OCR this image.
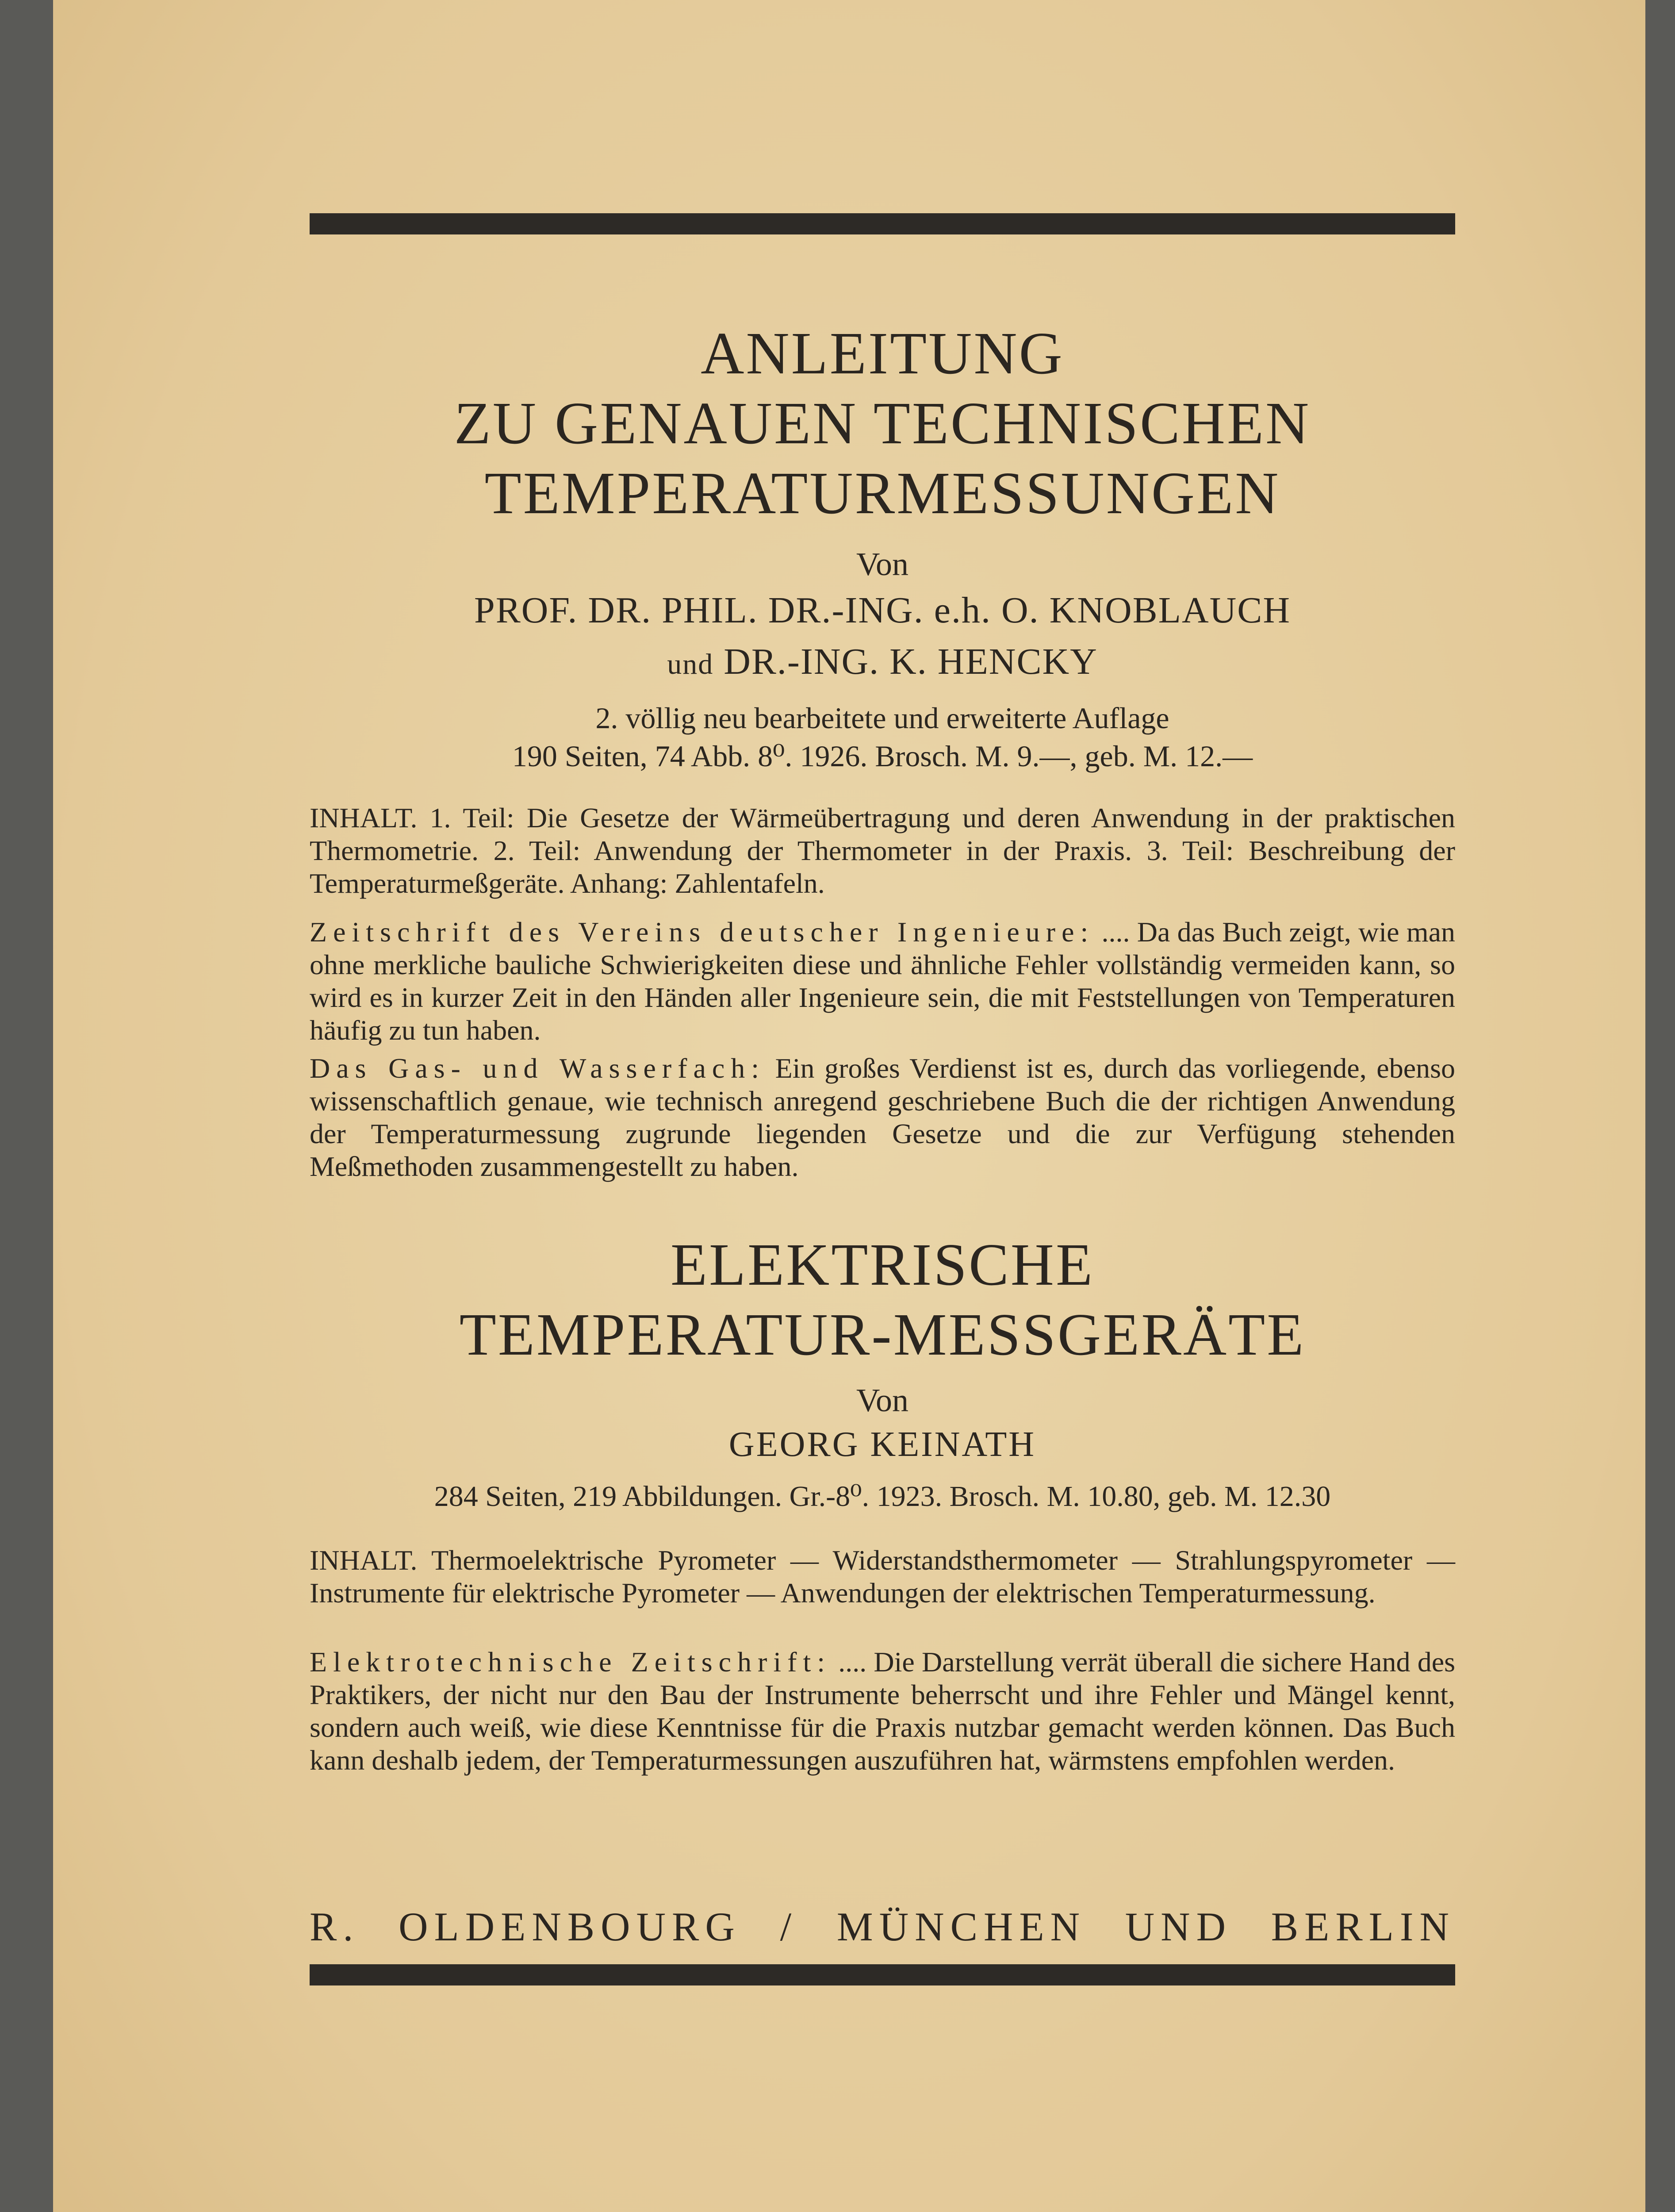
ANLEITUNG
ZU GENAUEN TECHNISCHEN
TEMPERATURMESSUNGEN
Von
PROF. DR. PHIL. DR.-ING. e.h. O. KNOBLAUCH
und DR.-ING. K. HENCKY
2. völlig neu bearbeitete und erweiterte Auflage
190 Seiten, 74 Abb. 8⁰. 1926. Brosch. M. 9.—, geb. M. 12.—
INHALT. 1. Teil: Die Gesetze der Wärmeübertragung und deren Anwendung in der praktischen Thermometrie. 2. Teil: Anwendung der Thermometer in der Praxis. 3. Teil: Beschreibung der Temperaturmeßgeräte. Anhang: Zahlentafeln.
Zeitschrift des Vereins deutscher Ingenieure: .... Da das Buch zeigt, wie man ohne merkliche bauliche Schwierigkeiten diese und ähnliche Fehler vollständig vermeiden kann, so wird es in kurzer Zeit in den Händen aller Ingenieure sein, die mit Feststellungen von Temperaturen häufig zu tun haben.
Das Gas- und Wasserfach: Ein großes Verdienst ist es, durch das vorliegende, ebenso wissenschaftlich genaue, wie technisch anregend geschriebene Buch die der richtigen Anwendung der Temperaturmessung zugrunde liegenden Gesetze und die zur Verfügung stehenden Meßmethoden zusammengestellt zu haben.
ELEKTRISCHE
TEMPERATUR-MESSGERÄTE
Von
GEORG KEINATH
284 Seiten, 219 Abbildungen. Gr.-8⁰. 1923. Brosch. M. 10.80, geb. M. 12.30
INHALT. Thermoelektrische Pyrometer — Widerstandsthermometer — Strahlungspyrometer — Instrumente für elektrische Pyrometer — Anwendungen der elektrischen Temperaturmessung.
Elektrotechnische Zeitschrift: .... Die Darstellung verrät überall die sichere Hand des Praktikers, der nicht nur den Bau der Instrumente beherrscht und ihre Fehler und Mängel kennt, sondern auch weiß, wie diese Kenntnisse für die Praxis nutzbar gemacht werden können. Das Buch kann deshalb jedem, der Temperaturmessungen auszuführen hat, wärmstens empfohlen werden.
R. OLDENBOURG / MÜNCHEN UND BERLIN
